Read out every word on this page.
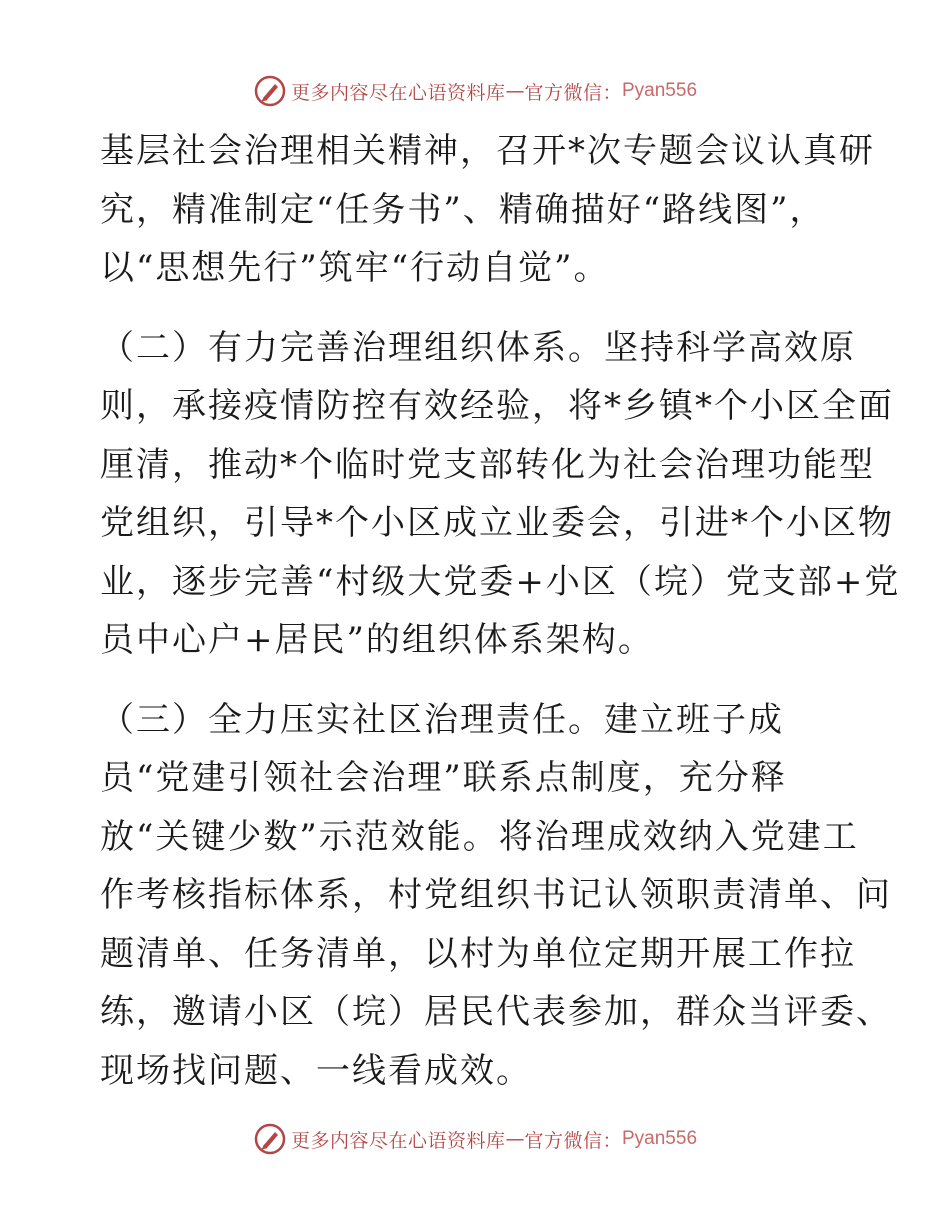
更多内容尽在心语资料库 — 官方微信： Pyan556

基层社会治理相关精神，召开*次专题会议认真研
究，精准制定“任务书”、精确描好“路线图”，
以“思想先行”筑牢“行动自觉”。

（二）有力完善治理组织体系。坚持科学高效原
则，承接疫情防控有效经验，将*乡镇*个小区全面
厘清，推动*个临时党支部转化为社会治理功能型
党组织，引导*个小区成立业委会，引进*个小区物
业，逐步完善“村级大党委+小区（垸）党支部+党
员中心户+居民”的组织体系架构。

（三）全力压实社区治理责任。建立班子成
员“党建引领社会治理”联系点制度，充分释
放“关键少数”示范效能。将治理成效纳入党建工
作考核指标体系，村党组织书记认领职责清单、问
题清单、任务清单，以村为单位定期开展工作拉
练，邀请小区（垸）居民代表参加，群众当评委、
现场找问题、一线看成效。

更多内容尽在心语资料库 — 官方微信： Pyan556
